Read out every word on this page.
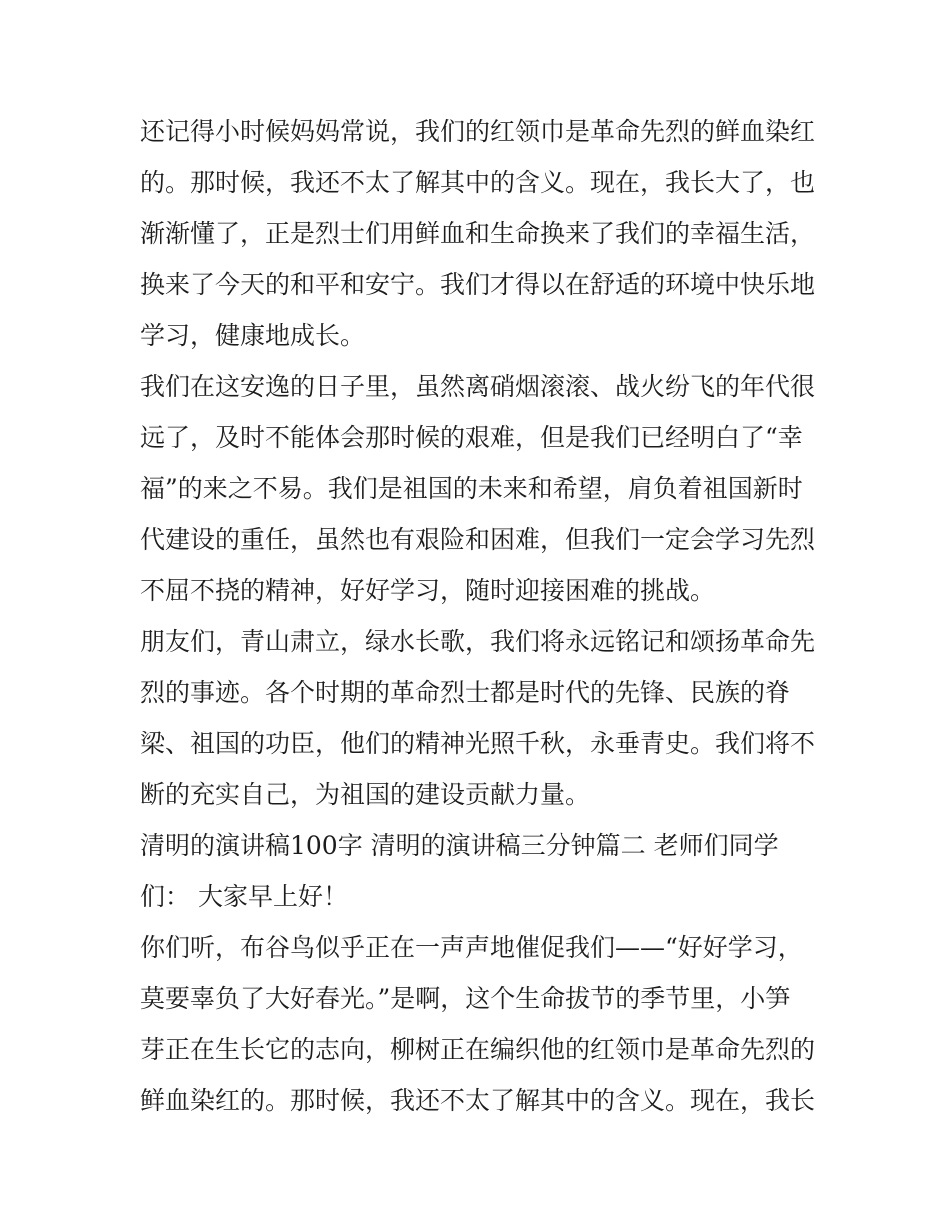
还记得小时候妈妈常说，我们的红领巾是革命先烈的鲜血染红
的。那时候，我还不太了解其中的含义。现在，我长大了，也
渐渐懂了，正是烈士们用鲜血和生命换来了我们的幸福生活，
换来了今天的和平和安宁。我们才得以在舒适的环境中快乐地
学习，健康地成长。
我们在这安逸的日子里，虽然离硝烟滚滚、战火纷飞的年代很
远了，及时不能体会那时候的艰难，但是我们已经明白了“幸
福”的来之不易。我们是祖国的未来和希望，肩负着祖国新时
代建设的重任，虽然也有艰险和困难，但我们一定会学习先烈
不屈不挠的精神，好好学习，随时迎接困难的挑战。
朋友们，青山肃立，绿水长歌，我们将永远铭记和颂扬革命先
烈的事迹。各个时期的革命烈士都是时代的先锋、民族的脊
梁、祖国的功臣，他们的精神光照千秋，永垂青史。我们将不
断的充实自己，为祖国的建设贡献力量。
清明的演讲稿100字 清明的演讲稿三分钟篇二 老师们同学
们： 大家早上好！
你们听，布谷鸟似乎正在一声声地催促我们——“好好学习，
莫要辜负了大好春光。”是啊，这个生命拔节的季节里，小笋
芽正在生长它的志向，柳树正在编织他的红领巾是革命先烈的
鲜血染红的。那时候，我还不太了解其中的含义。现在，我长
